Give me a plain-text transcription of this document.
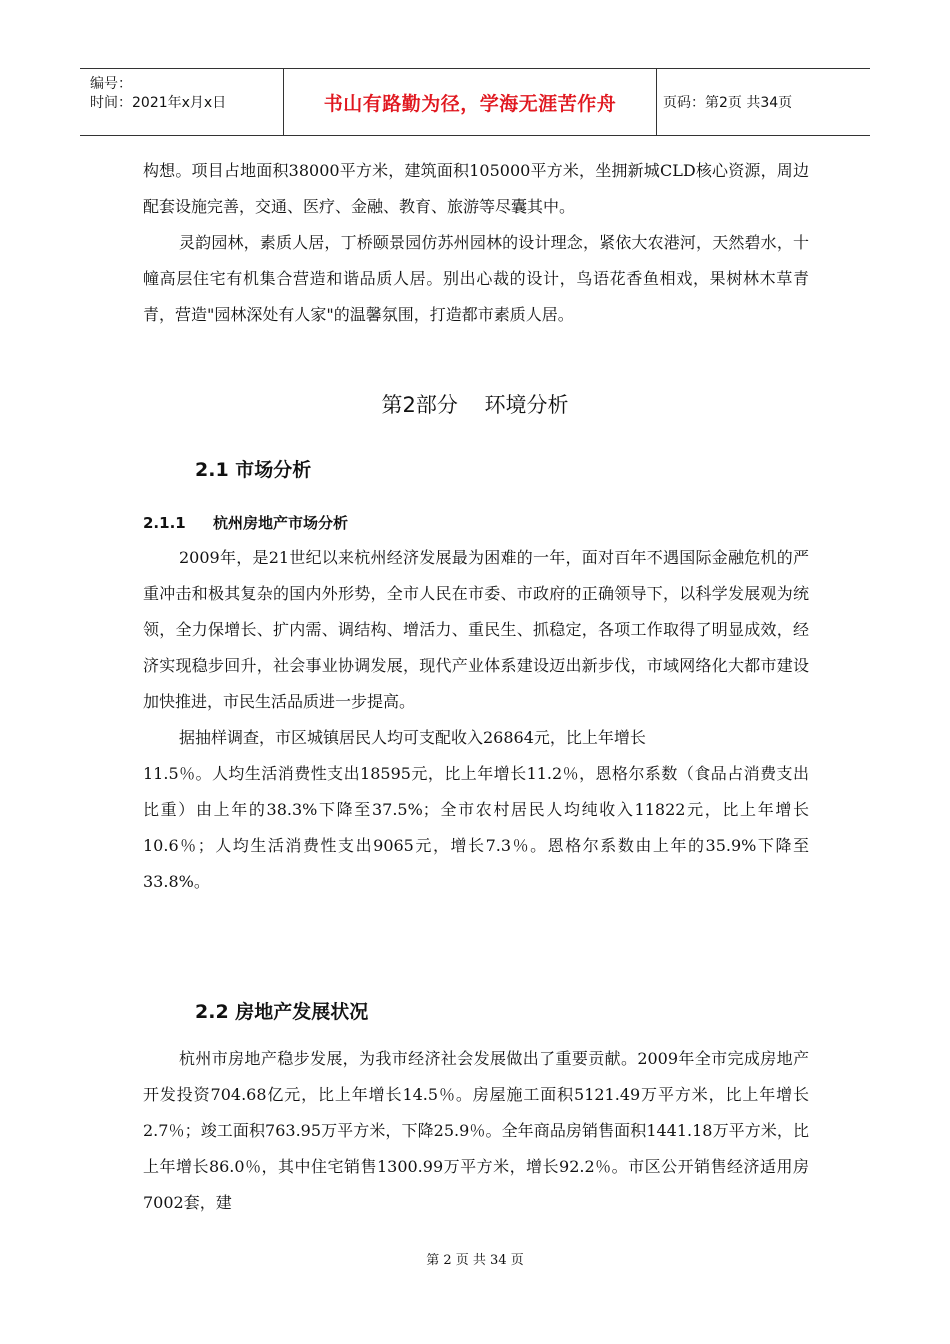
编号：
时间：2021年x月x日	书山有路勤为径，学海无涯苦作舟	页码：第2页 共34页

构想。项目占地面积38000平方米，建筑面积105000平方米，坐拥新城CLD核心资源，周边配套设施完善，交通、医疗、金融、教育、旅游等尽囊其中。

灵韵园林，素质人居，丁桥颐景园仿苏州园林的设计理念，紧依大农港河，天然碧水，十幢高层住宅有机集合营造和谐品质人居。别出心裁的设计，鸟语花香鱼相戏，果树林木草青青，营造"园林深处有人家"的温馨氛围，打造都市素质人居。

第2部分    环境分析
2.1 市场分析
2.1.1 杭州房地产市场分析

2009年，是21世纪以来杭州经济发展最为困难的一年，面对百年不遇国际金融危机的严重冲击和极其复杂的国内外形势，全市人民在市委、市政府的正确领导下，以科学发展观为统领，全力保增长、扩内需、调结构、增活力、重民生、抓稳定，各项工作取得了明显成效，经济实现稳步回升，社会事业协调发展，现代产业体系建设迈出新步伐，市域网络化大都市建设加快推进，市民生活品质进一步提高。

据抽样调查，市区城镇居民人均可支配收入26864元，比上年增长

11.5％。人均生活消费性支出18595元，比上年增长11.2％，恩格尔系数（食品占消费支出比重）由上年的38.3%下降至37.5%；全市农村居民人均纯收入11822元，比上年增长10.6％；人均生活消费性支出9065元，增长7.3％。恩格尔系数由上年的35.9%下降至33.8%。

2.2 房地产发展状况

杭州市房地产稳步发展，为我市经济社会发展做出了重要贡献。2009年全市完成房地产开发投资704.68亿元，比上年增长14.5％。房屋施工面积5121.49万平方米，比上年增长2.7％；竣工面积763.95万平方米，下降25.9％。全年商品房销售面积1441.18万平方米，比上年增长86.0％，其中住宅销售1300.99万平方米，增长92.2％。市区公开销售经济适用房7002套，建

第 2 页 共 34 页
